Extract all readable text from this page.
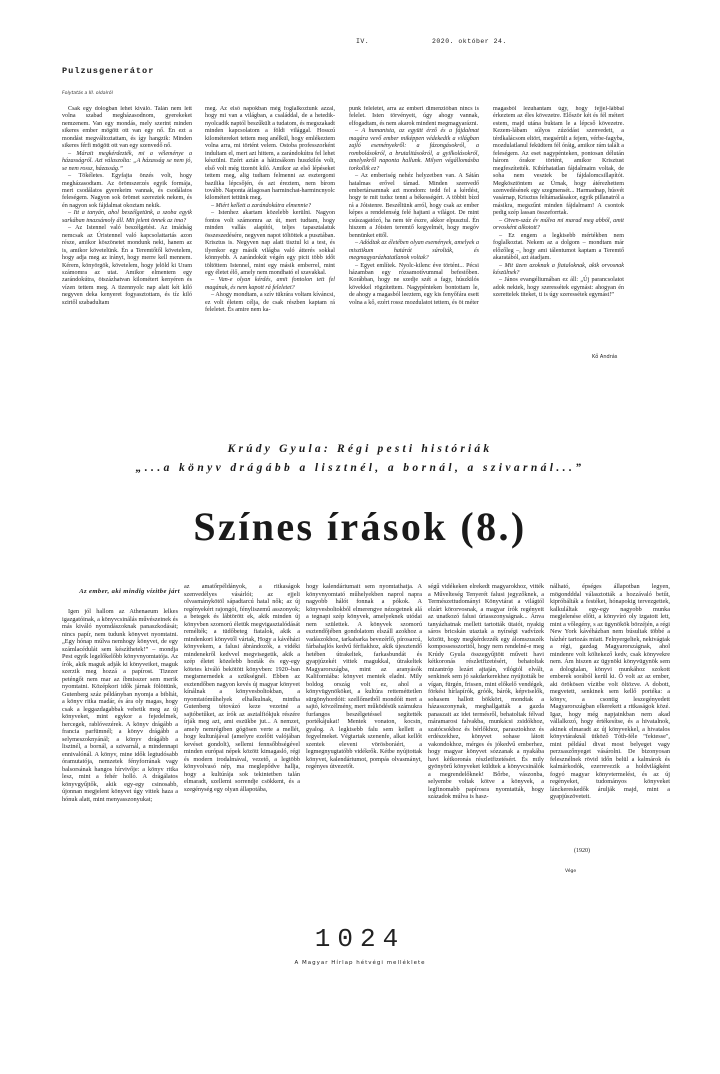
IV.	2020. október 24.
Pulzusgenerátor
Folytatás a III. oldalról

Csak egy dologban lehet kiváló. Talán nem lett volna szabad megházasodnom, gyerekeket nemzenem. Van egy mondás, mely szerint minden sikeres ember mögött ott van egy nő. Én ezt a mondást megváltoztattam, és így hangzik: Minden sikeres férfi mögött ott van egy szenvedő nő.

– Márait megkérdezték, mi a véleménye a házasságról. Azt válaszolta: „A házasság se nem jó, se nem rossz, házasság.”

– Tökéletes. Egyfajta önzés volt, hogy megházasodtam. Az örömszerzés egyik formája, mert csodálatos gyerekeim vannak, és csodálatos feleségem. Nagyon sok örömet szereztek nekem, és én nagyon sok fájdalmat okoztam nekik.

– Itt a tanyán, ahol beszélgetünk, a szoba egyik sarkában imazsámoly áll. Mit jelent önnek az ima?

– Az Istennel való beszélgetést. Az imádság nemcsak az Úristennel való kapcsolattartás azon része, amikor köszönetet mondunk neki, hanem az is, amikor követelünk. Én a Teremtőtől követelem, hogy adja meg az irányt, hogy merre kell mennem. Kérem, könyörgök, követelem, hogy jelöld ki Uram számomra az utat. Amikor elmentem egy zarándokútra, ötszázhatvan kilométert kenyéren és vízen tettem meg. A tizennyolc nap alatt két kiló negyven deka kenyeret fogyasztottam, és tíz kiló szirtől szabadultam

meg. Az első napokban még foglalkoztunk azzal, hogy mi van a világban, a családdal, de a hetedik-nyolcadik naptól beszűkült a tudatom, és megszakadt minden kapcsolatom a földi világgal. Hosszú kilométereket tettem meg anélkül, hogy emlékeztem volna arra, mi történt velem. Ostoba professzorként indultam el, mert azt hittem, a zarándokútra fel lehet készülni. Ezért aztán a hátizsákom huszkilós volt, első volt még tizenöt kiló. Amikor az első lépéseket tettem meg, alig tudtam felmenni az esztergomi bazilika lépcsőjén, és azt éreztem, nem bírom tovább. Naponta átlagosan harminchat-harmincnyolc kilométert tettünk meg.

– Miért kellett a zarándokútra elmennie?

– Istenhez akartam közelebb kerülni. Nagyon fontos volt számomra az út, mert tudtam, hogy minden vallás alapítói, teljes tapasztalatuk összeszedésére, negyven napot töltöttek a pusztában. Krisztus is. Negyven nap alatt tisztul ki a test, és ilyenkor egy másik világba való átterés sokkal könnyebb. A zarándokút végén egy picit több időt töltöttem Istennel, mint egy másik emberrel, mint egy életet élő, amely nem mondható el szavakkal.

– Van-e olyan kérdés, amit fontolon tett fel magának, és nem kapott rá feleletet?

– Ahogy mondtam, a szív tükrára voltam kíváncsi, ez volt életem célja, de csak részben kaptam rá feleletet. És amire nem ka-

punk feleletet, arra az emberi dimenzióban nincs is felelet. Isten törvényeit, úgy ahogy vannak, elfogadtam, és nem akarok mindent megmagyarázni.

– A humanista, az együtt érző és a fájdalmat magára vevő ember miképpen védekedik a világban zajló eseményekről: a fázongásokról, a rombolásokról, a brutalitásokról, a gyilkolásokról, amelyekről naponta hallunk. Milyen végállomásba torkollik ez?

– Az emberiség nehéz helyzetben van. A Sátán hatalmas erővel támad. Minden szenvedő embertársamnak azt mondom: tedd fel a kérdést, hogy te mit tudsz tenni a békességért. A többit bízd rá a Jóistenre. Beszéltünk arról, hogy csak az ember képes a rendelenség felé hajtani a világot. De mint csúszagatózó, ha nem tér észre, akkor elpusztul. Én hiszem a Jóisten teremtő kegyelmét, hogy megóv bennünket ettől.

– Adódtak az életében olyan események, amelyek a misztikum határát súrolták, és megmagyarázhatatlanok voltak?

– Egyet említek. Nyolc-kilenc éve történt... Pécsi házamban egy rózsamotívummal befestőben. Korábban, hogy ne szedje szét a fagy, húszkilós kövekkel rögzítettem. Nagypénteken bontottam le, de ahogy a magasból leeztem, egy kis fenyőfára esett volna a kő, ezért rossz mozdulatot tettem, és öt méter

magasból lezuhantam úgy, hogy fejjel-lábbal érkeztem az éles kövezetre. Először két és fél métert estem, majd utána buktam le a lépcső kövezetre. Kezem-lábam súlyos zúzódást szenvedett, a térdkalácsom eltört, megsérült a fejem, vérbe-fagyba, mozdulatlanul feküdtem fél óráig, amikor rám talált a feleségem. Az eset nagypénteken, pontosan délután három órakor történt, amikor Krisztust megfeszítették. Kibírhatatlan fájdalmaim voltak, de soha nem vesztek be fájdalomcsillapítót. Megkösztöntem az Úrnak, hogy átérezhettem szenvedésének egy szegmensét... Harmadnap, húsvét vasárnap, Krisztus feltámadásakor, egyik pillanatról a másikra, megszűnt minden fájdalmam! A csontok pedig szép lassan összeforrtak.

– Otven-száz év múlva mi marad meg abból, amit orvosként alkotott?

– Ez engem a legkisebb mértékben nem foglalkoztat. Nekem az a dolgom – mondtam már előzőleg –, hogy ami tálentumot kaptam a Teremtő akaratából, azt átadjam.

– Mit üzen azoknak a fiataloknak, akik orvosnak készülnek?

– János evangéliumában ez áll: „Új parancsolatot adok nektek, hogy szeressétek egymást: ahogyan én szerettelek titeket, ti is úgy szeressétek egymást!”

Kő András
Krúdy Gyula: Régi pesti históriák
„...a könyv drágább a lisztnél, a bornál, a szivarnál...”
Színes írások (8.)
Az ember, aki mindig vízitbe járt

Igen jól hallom az Athenaeum lelkes igazgatóinak, a könyvcsinálás művészeinek és más kiváló nyomdászoknak panaszkodását; nincs papír, nem tudunk könyvet nyomtatni. „Egy hónap múlva nemhogy könyvet, de egy számlacédulát sem készíthetek!” – mondja Pest egyik legelőkelőbb könyvnyomtatója. Az írók, akik maguk adják ki könyveiket, maguk szerzik meg hozzá a papírost. Tizezer peténgőt nem mar az íbmisszer sem merik nyomtatni. Középkori idők járnak fölöttünk, Gutenberg száz példányban nyomja a bibliát, a könyv ritka madár, és ára oly magas, hogy csak a leggazdagabbak vehetik meg az új könyveket, mint egykor a fejedelmek, hercegek, rablóvezérek. A könyv drágább a francia parfümnél; a könyv drágább a selymeszoknyánál; a könyv drágább a lisztnél, a bornál, a szivarnál, a mindennapi ennivalónál. A könyv, mine idők legtudósabb óramutatója, nemzetek fényforrának vagy balsorsának hangos hírvivője: a könyv ritka lesz, mint a fehér holló. A drágálatos könyvgyűjtők, akik egy-egy csinosabb, újonnan megjelent könyvet úgy vittek haza a hónuk alatt, mint menyasszonyukat;

az amatőrpéldányok, a ritkaságok szenvedélyes vásárlói; az ejjeli olvasmánykötöl sápadtarcú hatal nők; az új regényekért rajongói, fényliszemű asszonyok; a betegek és lábtörött ek, akik minden új könyvben szomorú életük megvigasztalódását remélték; a tüdőbeteg fiatalok, akik a mindenkori könyvtől vártak, Hogy a kávéházi könyvekem, a falusi ábrándozók, a vidéki mindenekről kedvvel megvisegetik, akik a szép életet közelebb hozták és egy-egy kötetes kiváló bekötött könyvben: 1920–ban megismernedek a szükségnél. Ebben az esztendőben nagyon kevés új magyar könyvet kínálnak a könyvesboltokban, a nyomtatóműhelyek elhalkulnak, mintha Gutenberg tétovázó keze vezetné a sajtóbetűket, az írók az asztalfiókjuk részére írják meg azt, ami eszükbe jut... A nemzet, amely nemrégiben gógösen verte a mellét, hogy kulturájával (amelyre ezelőtt valójában kevéset gondolt), sellemi fennsőbbségével minden európai népek között kimagasló, régi és modern irodalmával, vezető, a legtöbb könyvolvasó nép, ma meglepődve hallja, hogy a kultúrája sok tekintetben talán elmaradt, szellemi sorrendje csökkent, és a szegénység egy olyan állapotába,

hogy kalendáriumait sem nyomtathatja. A könyvnyomtató műhelyekben naprol napra nagyobb hálót fonnak a pókok. A könyvesboltokból elmerengve nézegetnek alá a tegnapi szép könyvek, amelyeknek utódai nem születtek. A könyvek szomorú esztendőjében gondolatom elszáll azokhoz a vadászokhoz, tarkabarka bevezérlő, pírosarcú, fárbahajlós kedvű férfiakhoz, akik újesztendő hetében útrakeltek, farkasbundát és gyapjúzekét vittek magukkal, útrakeltek Magyarországba, mint az aranyásók Kaliforniába: könyvet mentek eladni. Mily boldog ország volt ez, ahol a könyvügynököket, a kultúra retteméttetlen sürgönyhordóit: szellőmetből mondóít mert a sajtó, kövzélmény, mert működésük számukra furfangos beszélgetéssel segítették portékájukat! Mentek vonaton, kocsin, gyalog. A legkisebb falu sem kellett a fegyelmeket. Végtartak szenenfe, alkat kellőt szentek eleveni vörösboráért, a legmegnyugtatóbb vidékrők. Kétbe nyújtottak könyvet, kalendáriumot, pompás olvasmányt, regényes útvezetőt.

ségű vidékeken elrekedt magyarokhoz, vitték a Művelteség Tenyerét falusi jegyzőknek, a Természettudományi Könyvtárat a világtól elzárt körorvosnak, a magyar írók regényeit az unatkozó falusi úriasszonyságnak... Ánva tanyázhatnak mellett tartották ütaiót, nyakig sáros bricskán utaztak a nyírségi vadvízek között, hogy megkérdezzék egy álomszuszék kompossesszorttól, hogy nem rendelné-e meg Krúdy Gyula összegyűjtött műveit havi kétkoronás részletfizetésért, behatoltak mizantróp lezárt ajtaján, vilógtól elvált, senkinek sem jó sakdarkerekhez nyújtották be vígan, fürgén, frissen, mint előkelő vendégek, förkési hírlapírók, gróók, bárók, képviselők, sohasem hallott bökkört, mondtak a házasszonynak, meghallgatták a gazda panaszait az idei termésről, behatoltak félvad máramarosi falvakba, munkácsi zsidókhoz, szatócsokhoz és bérlőkhoz, parasztokhoz és erdészekhez, könyvet sohase látott vakondokhoz, mérges és jókedvű emberhez, hogy magyar könyvet sózzanak a nyakába havi kétkoronás részletfizetésért. És mily gyönyörű könyveket küldtek a könyvcsinálók a megrendelőknek! Bőrbe, vászonba, selyembe voltak kötve a könyvek, a legfinomabb papírosra nyomtatták, hogy századok múlva is hasz-

nálható, épséges állapotban legyen, mögondddal választották a hozzávaló betűt, kipróbálták a festéket, hónapokig tervezgettek, kalkuláltak egy-egy nagyobb munka megjelenése előtt, a könyvíró oly izgatott lett, mint a vőlegény, s az ügynökök börzéjén, a régi New York kávéházban nem búsultak többé a házhér tartozás miatt. Felnyergeltek, nekivágtak a régi, gazdag Magyarországnak, ahol mindenre volt költekező kedv, csak könyvekre nem. Ám hiszen az ügynöki könyvügynök sem a dologtalan, könyvi munkához szokott emberek sorából kerül ki. Ő volt az az ember, aki örökösen vízitbe volt öltözve. A dobott, megvetett, senkinek sem kellő portéka: a könyv, a csontig leszegényedett Magyarországban elkerekett a ritkaságok közé. Igaz, hogy még napjainkban nem akad vállalkozó, hogy értékesítse, és a hivatalnok, akinek elmaradt az új könyvekkel, a hivatalos könyvtáraknál ütköző Tóth-féle "fektesse", mint például divat most belyeget vagy perzsaszőnyeget vásárolni. De bizonyosan felesznélnek rövid időn belül a kalmárok és kalmárkodók, ezerrevezik a holdvilágként fogyó magyar könyvtermelést, és az új regényeket, tudományos könyveket lánckereskedők árulják majd, mint a gyapjúszöveteit.

(1920)
Vége
1024
A Magyar Hírlap hétvégi melléklete
